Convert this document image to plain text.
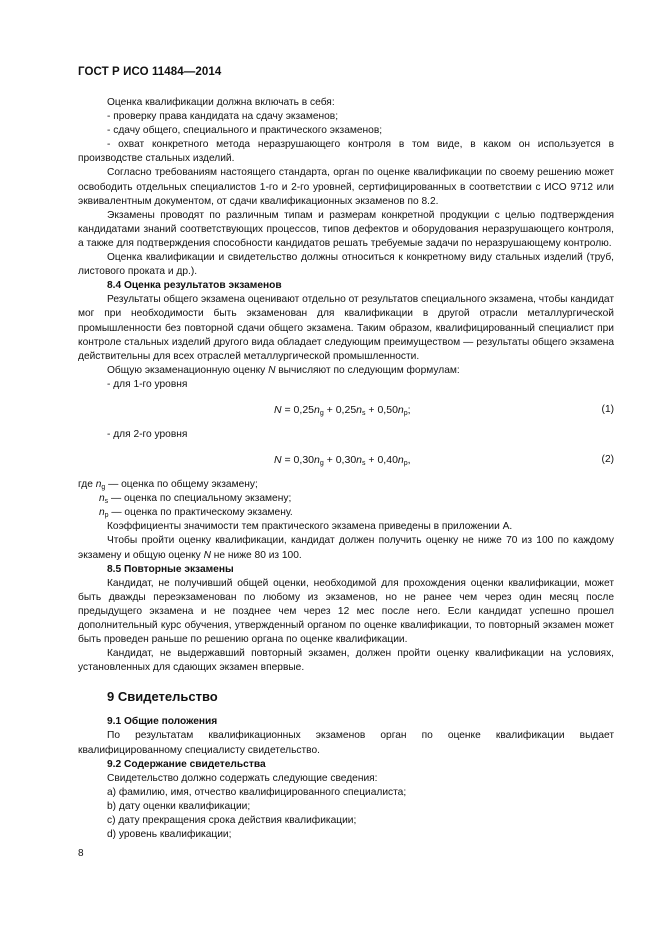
ГОСТ Р ИСО 11484—2014

Оценка квалификации должна включать в себя:

- проверку права кандидата на сдачу экзаменов;

- сдачу общего, специального и практического экзаменов;

- охват конкретного метода неразрушающего контроля в том виде, в каком он используется в производстве стальных изделий.

Согласно требованиям настоящего стандарта, орган по оценке квалификации по своему решению может освободить отдельных специалистов 1-го и 2-го уровней, сертифицированных в соответствии с ИСО 9712 или эквивалентным документом, от сдачи квалификационных экзаменов по 8.2.

Экзамены проводят по различным типам и размерам конкретной продукции с целью подтверждения кандидатами знаний соответствующих процессов, типов дефектов и оборудования неразрушающего контроля, а также для подтверждения способности кандидатов решать требуемые задачи по неразрушающему контролю.

Оценка квалификации и свидетельство должны относиться к конкретному виду стальных изделий (труб, листового проката и др.).

8.4 Оценка результатов экзаменов

Результаты общего экзамена оценивают отдельно от результатов специального экзамена, чтобы кандидат мог при необходимости быть экзаменован для квалификации в другой отрасли металлургической промышленности без повторной сдачи общего экзамена. Таким образом, квалифицированный специалист при контроле стальных изделий другого вида обладает следующим преимуществом — результаты общего экзамена действительны для всех отраслей металлургической промышленности.

Общую экзаменационную оценку N вычисляют по следующим формулам:

- для 1-го уровня

$N = 0,25n_g + 0,25n_s + 0,50n_p$;	(1)

- для 2-го уровня

$N = 0,30n_g + 0,30n_s + 0,40n_p$,	(2)
где $n_g$ — оценка по общему экзамену;
$n_s$ — оценка по специальному экзамену;
$n_p$ — оценка по практическому экзамену.

Коэффициенты значимости тем практического экзамена приведены в приложении А.

Чтобы пройти оценку квалификации, кандидат должен получить оценку не ниже 70 из 100 по каждому экзамену и общую оценку N не ниже 80 из 100.

8.5 Повторные экзамены

Кандидат, не получивший общей оценки, необходимой для прохождения оценки квалификации, может быть дважды переэкзаменован по любому из экзаменов, но не ранее чем через один месяц после предыдущего экзамена и не позднее чем через 12 мес после него. Если кандидат успешно прошел дополнительный курс обучения, утвержденный органом по оценке квалификации, то повторный экзамен может быть проведен раньше по решению органа по оценке квалификации.

Кандидат, не выдержавший повторный экзамен, должен пройти оценку квалификации на условиях, установленных для сдающих экзамен впервые.

9 Свидетельство
9.1 Общие положения

По результатам квалификационных экзаменов орган по оценке квалификации выдает квалифицированному специалисту свидетельство.

9.2 Содержание свидетельства

Свидетельство должно содержать следующие сведения:

a) фамилию, имя, отчество квалифицированного специалиста;

b) дату оценки квалификации;

c) дату прекращения срока действия квалификации;

d) уровень квалификации;

8
